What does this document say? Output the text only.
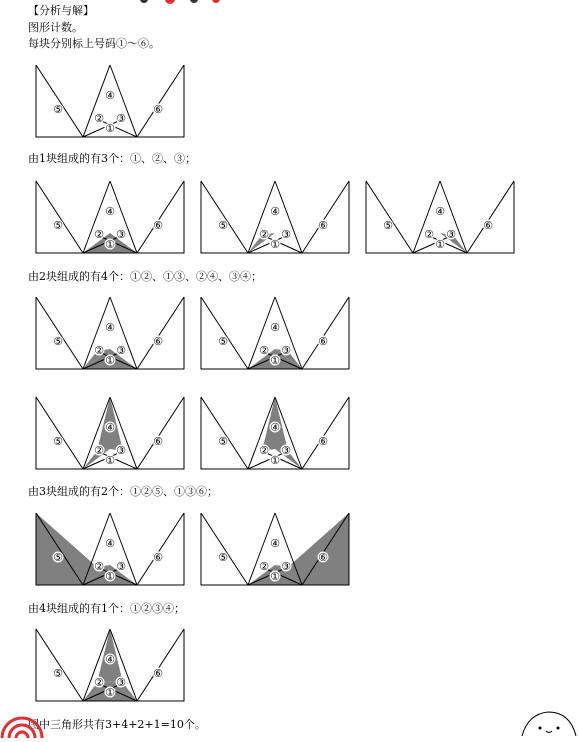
【分析与解】
图形计数。
每块分别标上号码①～⑥。
①
② ③
④
⑤	⑥
由1块组成的有3个：①、②、③；
①
② ③
④
⑤	⑥
①
② ③
④
⑤	⑥
①
② ③
④
⑤	⑥
由2块组成的有4个：①②、①③、②④、③④；
①
② ③
④
⑤	⑥
①
② ③
④
⑤	⑥
①
② ③
④
⑤	⑥
①
② ③
④
⑤	⑥
由3块组成的有2个：①②⑤、①③⑥；
①
② ③
④
⑤	⑥
①
② ③
④
⑤	⑥
由4块组成的有1个：①②③④；
①
② ③
④
⑤	⑥
图中三角形共有3+4+2+1=10个。
